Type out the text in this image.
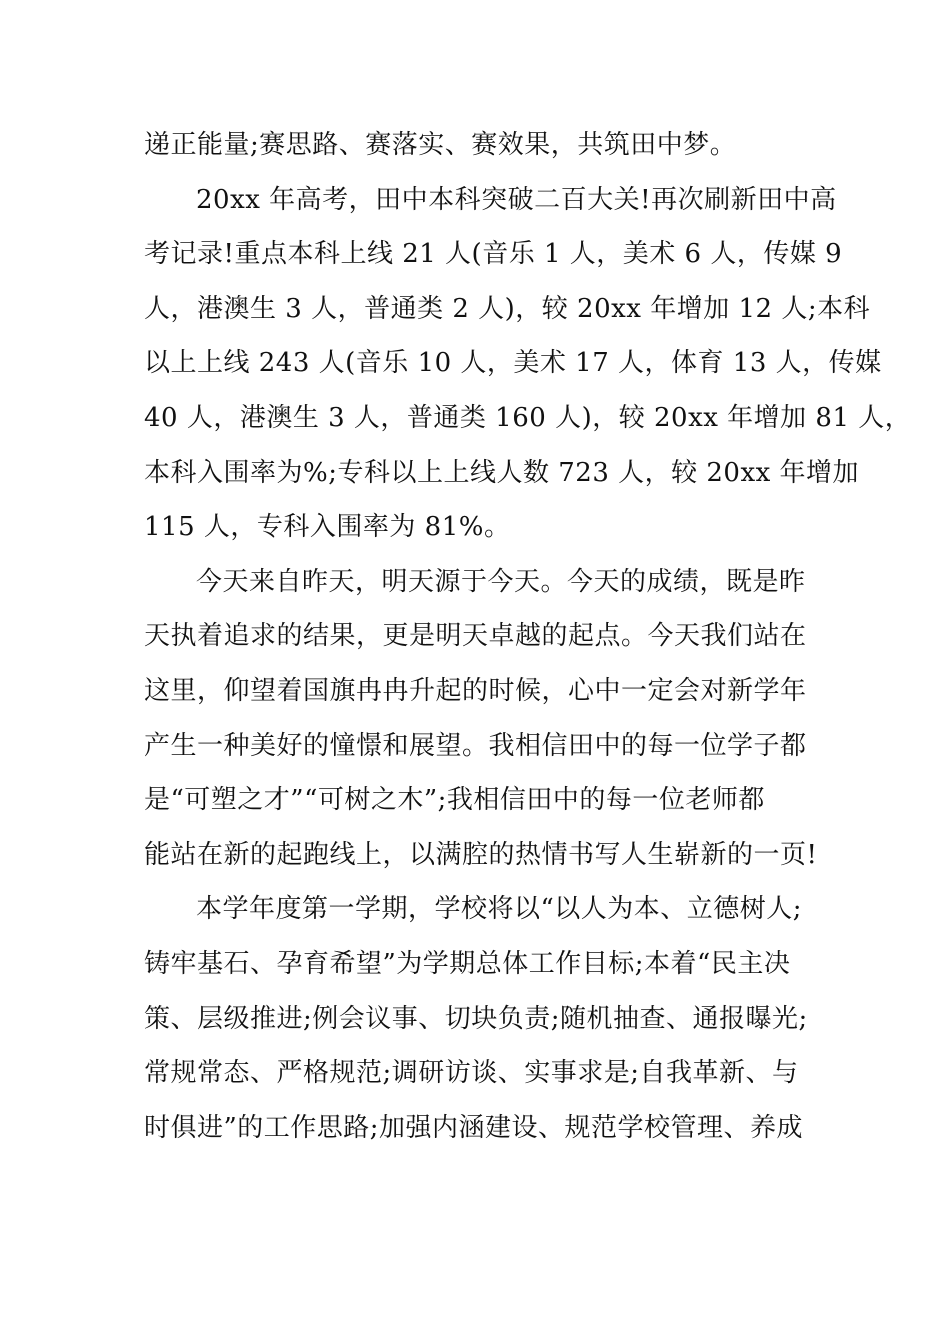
递正能量;赛思路、赛落实、赛效果，共筑田中梦。
20xx 年高考，田中本科突破二百大关!再次刷新田中高
考记录!重点本科上线 21 人(音乐 1 人，美术 6 人，传媒 9
人，港澳生 3 人，普通类 2 人)，较 20xx 年增加 12 人;本科
以上上线 243 人(音乐 10 人，美术 17 人，体育 13 人，传媒
40 人，港澳生 3 人，普通类 160 人)，较 20xx 年增加 81 人，
本科入围率为%;专科以上上线人数 723 人，较 20xx 年增加
115 人，专科入围率为 81%。
今天来自昨天，明天源于今天。今天的成绩，既是昨
天执着追求的结果，更是明天卓越的起点。今天我们站在
这里，仰望着国旗冉冉升起的时候，心中一定会对新学年
产生一种美好的憧憬和展望。我相信田中的每一位学子都
是“可塑之才”“可树之木”;我相信田中的每一位老师都
能站在新的起跑线上，以满腔的热情书写人生崭新的一页!
本学年度第一学期，学校将以“以人为本、立德树人;
铸牢基石、孕育希望”为学期总体工作目标;本着“民主决
策、层级推进;例会议事、切块负责;随机抽查、通报曝光;
常规常态、严格规范;调研访谈、实事求是;自我革新、与
时俱进”的工作思路;加强内涵建设、规范学校管理、养成
